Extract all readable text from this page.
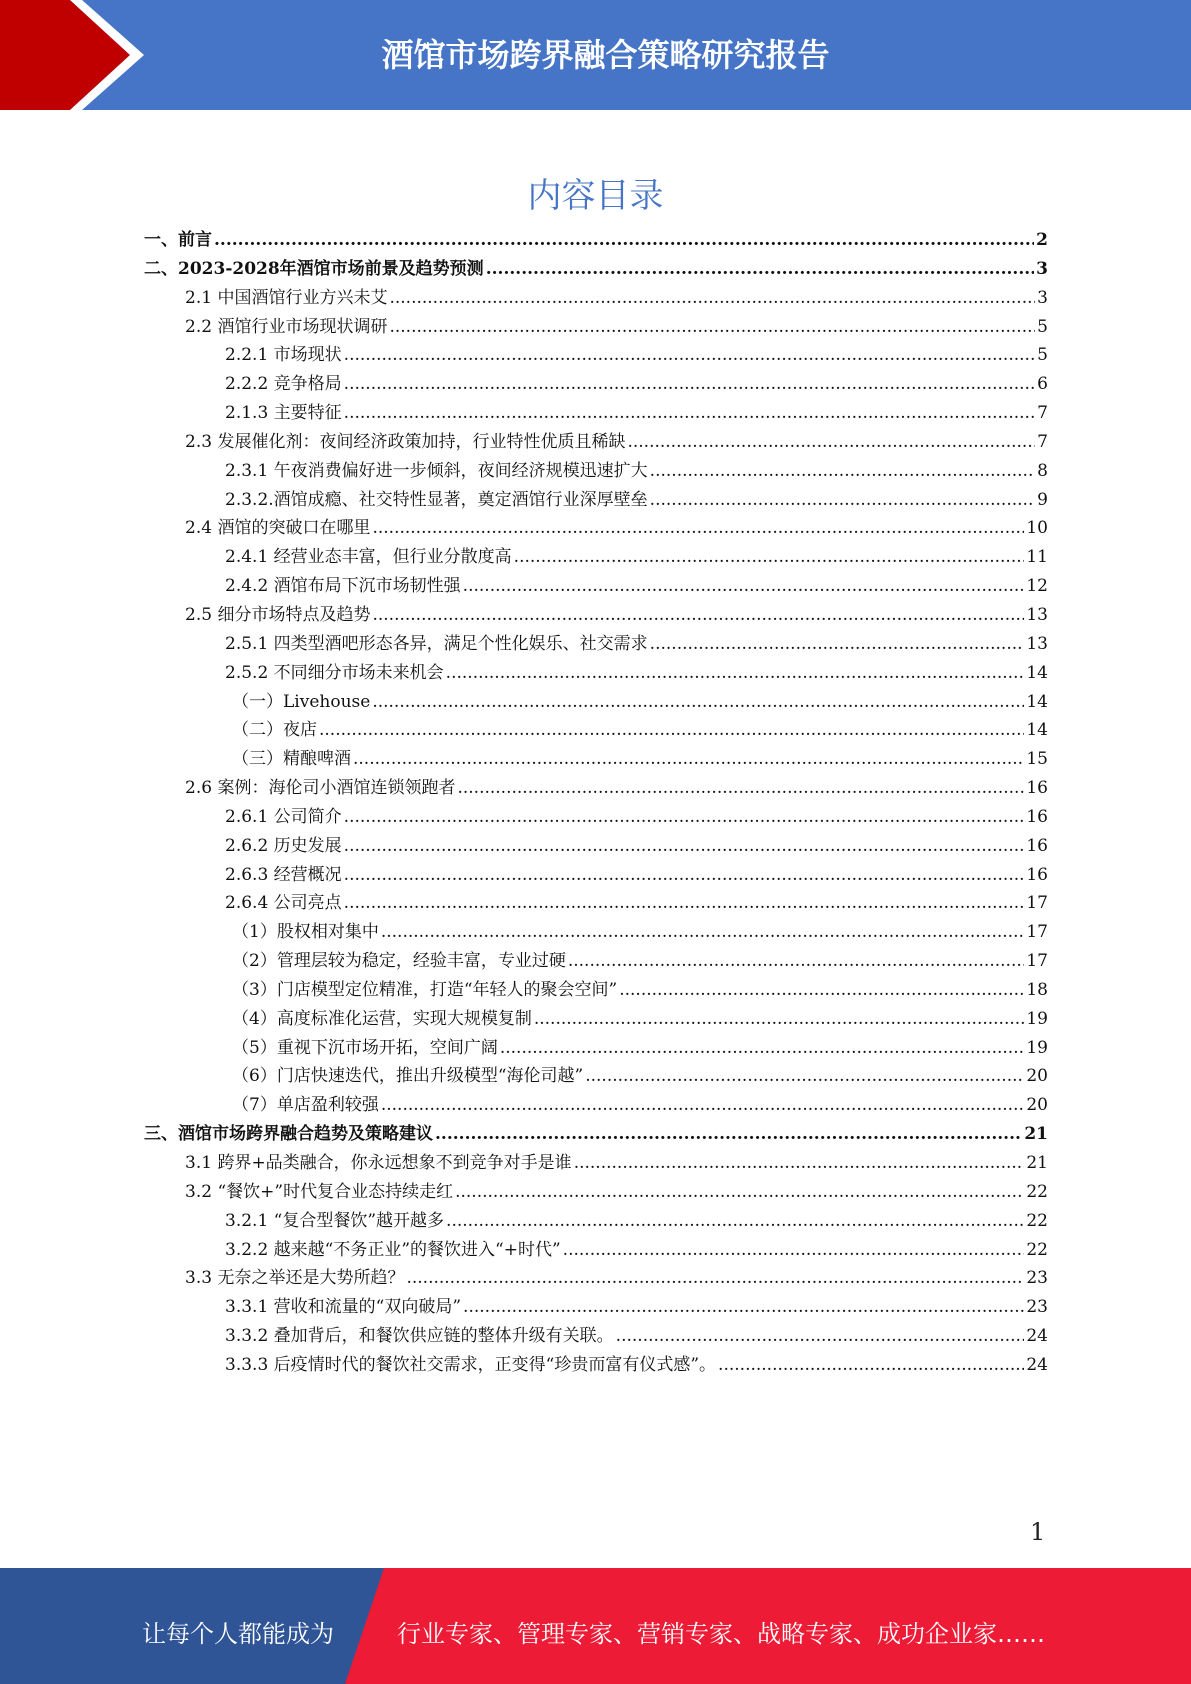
酒馆市场跨界融合策略研究报告
内容目录
一、前言 .....	2
二、2023-2028年酒馆市场前景及趋势预测 .....	3
2.1 中国酒馆行业方兴未艾 .....	3
2.2 酒馆行业市场现状调研 .....	5
2.2.1 市场现状 .....	5
2.2.2 竞争格局 .....	6
2.1.3 主要特征 .....	7
2.3 发展催化剂：夜间经济政策加持，行业特性优质且稀缺 .....	7
2.3.1 午夜消费偏好进一步倾斜，夜间经济规模迅速扩大 .....	8
2.3.2.酒馆成瘾、社交特性显著，奠定酒馆行业深厚壁垒 .....	9
2.4 酒馆的突破口在哪里 .....	10
2.4.1 经营业态丰富，但行业分散度高 .....	11
2.4.2 酒馆布局下沉市场韧性强 .....	12
2.5 细分市场特点及趋势 .....	13
2.5.1 四类型酒吧形态各异，满足个性化娱乐、社交需求 .....	13
2.5.2 不同细分市场未来机会 .....	14
（一）Livehouse .....	14
（二）夜店 .....	14
（三）精酿啤酒 .....	15
2.6 案例：海伦司小酒馆连锁领跑者 .....	16
2.6.1 公司简介 .....	16
2.6.2 历史发展 .....	16
2.6.3 经营概况 .....	16
2.6.4 公司亮点 .....	17
（1）股权相对集中 .....	17
（2）管理层较为稳定，经验丰富，专业过硬 .....	17
（3）门店模型定位精准，打造“年轻人的聚会空间” .....	18
（4）高度标准化运营，实现大规模复制 .....	19
（5）重视下沉市场开拓，空间广阔 .....	19
（6）门店快速迭代，推出升级模型“海伦司越” .....	20
（7）单店盈利较强 .....	20
三、酒馆市场跨界融合趋势及策略建议 .....	21
3.1 跨界+品类融合，你永远想象不到竞争对手是谁 .....	21
3.2 “餐饮+”时代复合业态持续走红 .....	22
3.2.1 “复合型餐饮”越开越多 .....	22
3.2.2 越来越“不务正业”的餐饮进入“+时代” .....	22
3.3 无奈之举还是大势所趋？ .....	23
3.3.1 营收和流量的“双向破局” .....	23
3.3.2 叠加背后，和餐饮供应链的整体升级有关联。 .....	24
3.3.3 后疫情时代的餐饮社交需求，正变得“珍贵而富有仪式感”。 .....	24
1
让每个人都能成为	行业专家、管理专家、营销专家、战略专家、成功企业家……
